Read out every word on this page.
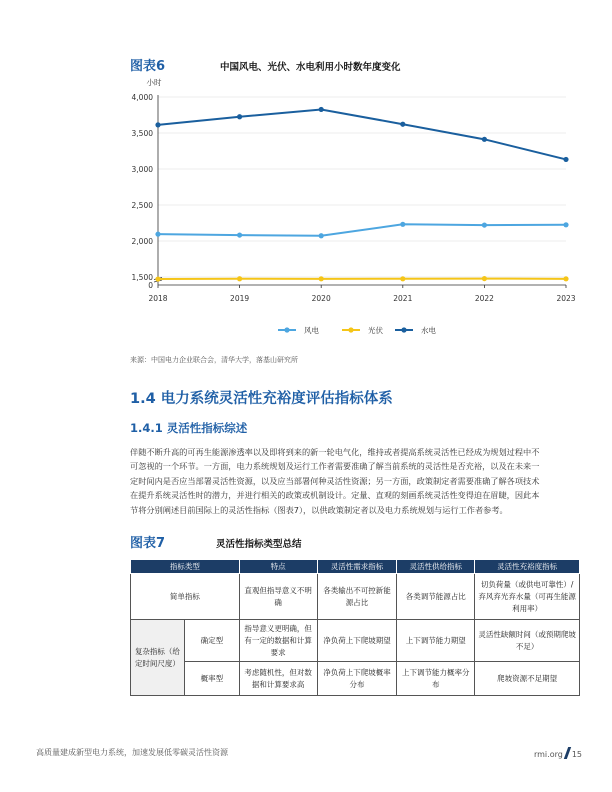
图表6	中国风电、光伏、水电利用小时数年度变化
0
1,500
2,000
2,500
3,000
3,500
4,000
小时
2018	2019	2020	2021	2022	2023
风电	光伏	水电
来源：中国电力企业联合会，清华大学，落基山研究所
1.4 电力系统灵活性充裕度评估指标体系
1.4.1 灵活性指标综述
伴随不断升高的可再生能源渗透率以及即将到来的新一轮电气化，维持或者提高系统灵活性已经成为规划过程中不
可忽视的一个环节。一方面，电力系统规划及运行工作者需要准确了解当前系统的灵活性是否充裕，以及在未来一
定时间内是否应当部署灵活性资源，以及应当部署何种灵活性资源；另一方面，政策制定者需要准确了解各项技术
在提升系统灵活性时的潜力，并进行相关的政策或机制设计。定量、直观的刻画系统灵活性变得迫在眉睫，因此本
节将分别阐述目前国际上的灵活性指标（图表7），以供政策制定者以及电力系统规划与运行工作者参考。
图表7	灵活性指标类型总结
指标类型		特点	灵活性需求指标	灵活性供给指标	灵活性充裕度指标
简单指标		直观但指导意义不明确	各类输出不可控新能源占比	各类调节能源占比	切负荷量（或供电可靠性）/弃风弃光弃水量（可再生能源利用率）
复杂指标（给定时间尺度）	确定型	指导意义更明确，但有一定的数据和计算要求	净负荷上下爬坡期望	上下调节能力期望	灵活性缺额时间（或预期爬坡不足）
	概率型	考虑随机性，但对数据和计算要求高	净负荷上下爬坡概率分布	上下调节能力概率分布	爬坡资源不足期望
高质量建成新型电力系统，加速发展低零碳灵活性资源	rmi.org 15
